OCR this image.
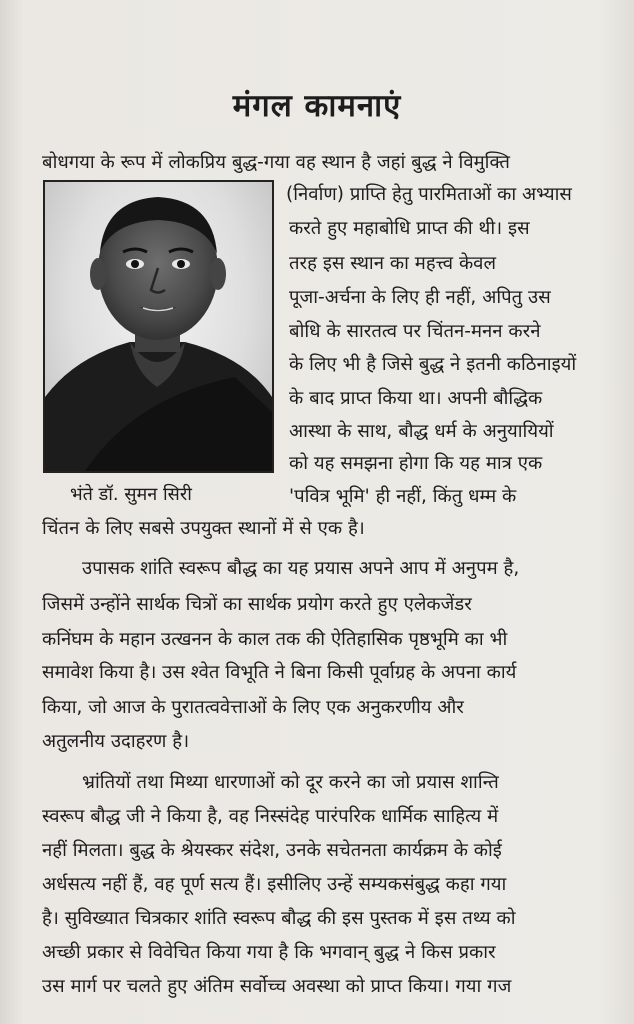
मंगल कामनाएं
भंते डॉ. सुमन सिरी
बोधगया के रूप में लोकप्रिय बुद्ध-गया वह स्थान है जहां बुद्ध ने विमुक्ति
(निर्वाण) प्राप्ति हेतु पारमिताओं का अभ्यास
करते हुए महाबोधि प्राप्त की थी। इस
तरह इस स्थान का महत्त्व केवल
पूजा-अर्चना के लिए ही नहीं, अपितु उस
बोधि के सारतत्व पर चिंतन-मनन करने
के लिए भी है जिसे बुद्ध ने इतनी कठिनाइयों
के बाद प्राप्त किया था। अपनी बौद्धिक
आस्था के साथ, बौद्ध धर्म के अनुयायियों
को यह समझना होगा कि यह मात्र एक
'पवित्र भूमि' ही नहीं, किंतु धम्म के
चिंतन के लिए सबसे उपयुक्त स्थानों में से एक है।
उपासक शांति स्वरूप बौद्ध का यह प्रयास अपने आप में अनुपम है,
जिसमें उन्होंने सार्थक चित्रों का सार्थक प्रयोग करते हुए एलेकजेंडर
कनिंघम के महान उत्खनन के काल तक की ऐतिहासिक पृष्ठभूमि का भी
समावेश किया है। उस श्वेत विभूति ने बिना किसी पूर्वाग्रह के अपना कार्य
किया, जो आज के पुरातत्ववेत्ताओं के लिए एक अनुकरणीय और
अतुलनीय उदाहरण है।
भ्रांतियों तथा मिथ्या धारणाओं को दूर करने का जो प्रयास शान्ति
स्वरूप बौद्ध जी ने किया है, वह निस्संदेह पारंपरिक धार्मिक साहित्य में
नहीं मिलता। बुद्ध के श्रेयस्कर संदेश, उनके सचेतनता कार्यक्रम के कोई
अर्धसत्य नहीं हैं, वह पूर्ण सत्य हैं। इसीलिए उन्हें सम्यकसंबुद्ध कहा गया
है। सुविख्यात चित्रकार शांति स्वरूप बौद्ध की इस पुस्तक में इस तथ्य को
अच्छी प्रकार से विवेचित किया गया है कि भगवान् बुद्ध ने किस प्रकार
उस मार्ग पर चलते हुए अंतिम सर्वोच्च अवस्था को प्राप्त किया। गया गज
